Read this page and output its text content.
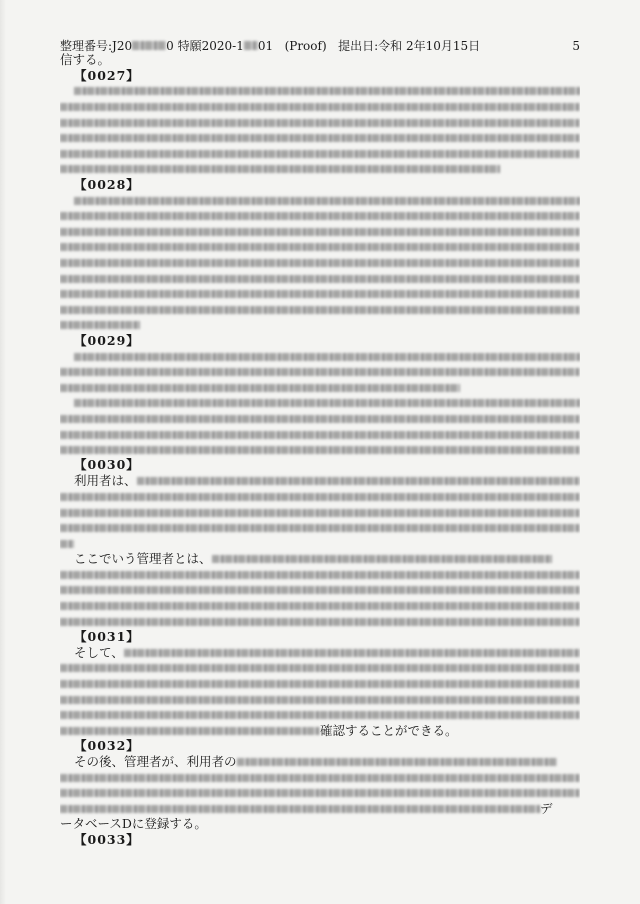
整理番号:J20	0 特願2020-1 01 (Proof) 提出日:令和 2年10月15日	5
信する。
【0027】
【0028】
【0029】
【0030】
利用者は、
ここでいう管理者とは、
【0031】
そして、
確認することができる。
【0032】
その後、管理者が、利用者の
デ
ータベースDに登録する。
【0033】
